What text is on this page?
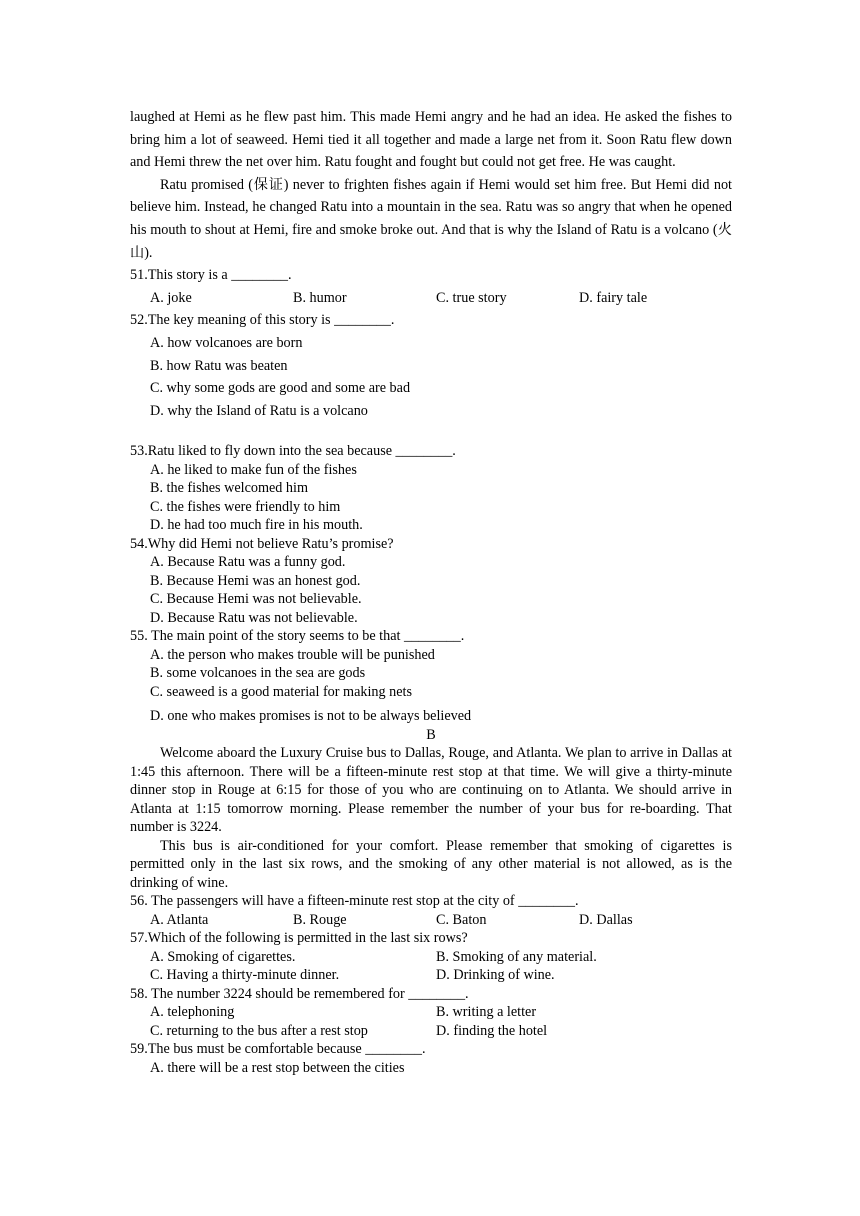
laughed at Hemi as he flew past him. This made Hemi angry and he had an idea. He asked the fishes to bring him a lot of seaweed. Hemi tied it all together and made a large net from it. Soon Ratu flew down and Hemi threw the net over him. Ratu fought and fought but could not get free. He was caught.

Ratu promised (保证) never to frighten fishes again if Hemi would set him free. But Hemi did not believe him. Instead, he changed Ratu into a mountain in the sea. Ratu was so angry that when he opened his mouth to shout at Hemi, fire and smoke broke out. And that is why the Island of Ratu is a volcano (火山).

51.This story is a ________.

A. joke	B. humor	C. true story	D. fairy tale

52.The key meaning of this story is ________.

A. how volcanoes are born

B. how Ratu was beaten

C. why some gods are good and some are bad

D. why the Island of Ratu is a volcano

53.Ratu liked to fly down into the sea because ________.

A. he liked to make fun of the fishes

B. the fishes welcomed him

C. the fishes were friendly to him

D. he had too much fire in his mouth.

54.Why did Hemi not believe Ratu’s promise?

A. Because Ratu was a funny god.

B. Because Hemi was an honest god.

C. Because Hemi was not believable.

D. Because Ratu was not believable.

55. The main point of the story seems to be that ________.

A. the person who makes trouble will be punished

B. some volcanoes in the sea are gods

C. seaweed is a good material for making nets

D. one who makes promises is not to be always believed

B

Welcome aboard the Luxury Cruise bus to Dallas, Rouge, and Atlanta. We plan to arrive in Dallas at 1:45 this afternoon. There will be a fifteen-minute rest stop at that time. We will give a thirty-minute dinner stop in Rouge at 6:15 for those of you who are continuing on to Atlanta. We should arrive in Atlanta at 1:15 tomorrow morning. Please remember the number of your bus for re-boarding. That number is 3224.

This bus is air-conditioned for your comfort. Please remember that smoking of cigarettes is permitted only in the last six rows, and the smoking of any other material is not allowed, as is the drinking of wine.

56. The passengers will have a fifteen-minute rest stop at the city of ________.

A. Atlanta	B. Rouge	C. Baton	D. Dallas

57.Which of the following is permitted in the last six rows?

A. Smoking of cigarettes.	B. Smoking of any material.
C. Having a thirty-minute dinner.	D. Drinking of wine.

58. The number 3224 should be remembered for ________.

A. telephoning	B. writing a letter
C. returning to the bus after a rest stop	D. finding the hotel

59.The bus must be comfortable because ________.

A. there will be a rest stop between the cities
